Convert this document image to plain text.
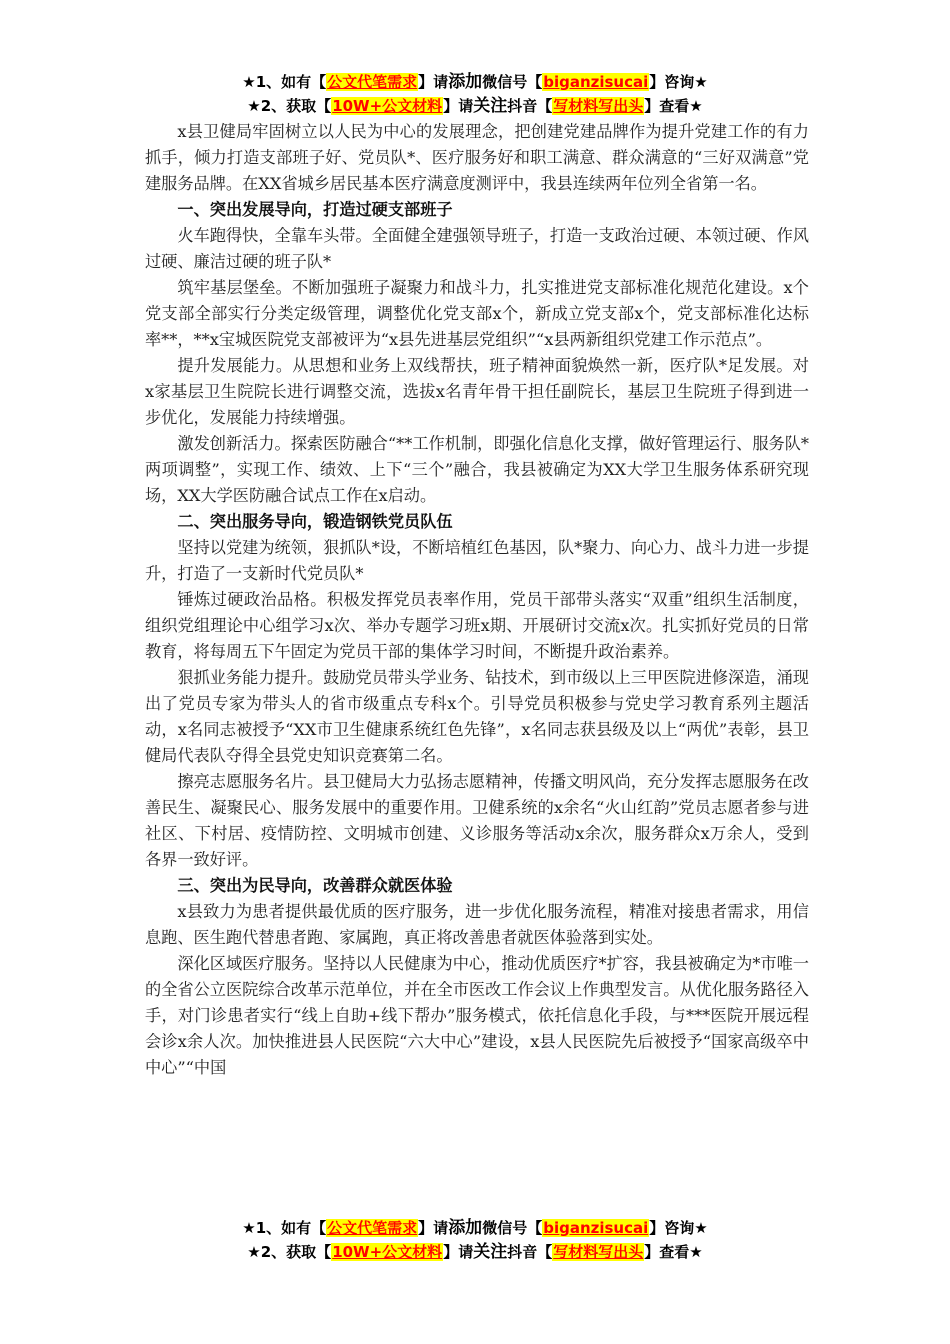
★1、如有【公文代笔需求】请添加微信号【biganzisucai】咨询★
★2、获取【10W+公文材料】请关注抖音【写材料写出头】查看★

x县卫健局牢固树立以人民为中心的发展理念，把创建党建品牌作为提升党建工作的有力抓手，倾力打造支部班子好、党员队*、医疗服务好和职工满意、群众满意的“三好双满意”党建服务品牌。在XX省城乡居民基本医疗满意度测评中，我县连续两年位列全省第一名。

一、突出发展导向，打造过硬支部班子

火车跑得快，全靠车头带。全面健全建强领导班子，打造一支政治过硬、本领过硬、作风过硬、廉洁过硬的班子队*

筑牢基层堡垒。不断加强班子凝聚力和战斗力，扎实推进党支部标准化规范化建设。x个党支部全部实行分类定级管理，调整优化党支部x个，新成立党支部x个，党支部标准化达标率**，**x宝城医院党支部被评为“x县先进基层党组织”“x县两新组织党建工作示范点”。

提升发展能力。从思想和业务上双线帮扶，班子精神面貌焕然一新，医疗队*足发展。对x家基层卫生院院长进行调整交流，选拔x名青年骨干担任副院长，基层卫生院班子得到进一步优化，发展能力持续增强。

激发创新活力。探索医防融合“**工作机制，即强化信息化支撑，做好管理运行、服务队*两项调整”，实现工作、绩效、上下“三个”融合，我县被确定为XX大学卫生服务体系研究现场，XX大学医防融合试点工作在x启动。

二、突出服务导向，锻造钢铁党员队伍

坚持以党建为统领，狠抓队*设，不断培植红色基因，队*聚力、向心力、战斗力进一步提升，打造了一支新时代党员队*

锤炼过硬政治品格。积极发挥党员表率作用，党员干部带头落实“双重”组织生活制度，组织党组理论中心组学习x次、举办专题学习班x期、开展研讨交流x次。扎实抓好党员的日常教育，将每周五下午固定为党员干部的集体学习时间，不断提升政治素养。

狠抓业务能力提升。鼓励党员带头学业务、钻技术，到市级以上三甲医院进修深造，涌现出了党员专家为带头人的省市级重点专科x个。引导党员积极参与党史学习教育系列主题活动，x名同志被授予“XX市卫生健康系统红色先锋”，x名同志获县级及以上“两优”表彰，县卫健局代表队夺得全县党史知识竞赛第二名。

擦亮志愿服务名片。县卫健局大力弘扬志愿精神，传播文明风尚，充分发挥志愿服务在改善民生、凝聚民心、服务发展中的重要作用。卫健系统的x余名“火山红韵”党员志愿者参与进社区、下村居、疫情防控、文明城市创建、义诊服务等活动x余次，服务群众x万余人，受到各界一致好评。

三、突出为民导向，改善群众就医体验

x县致力为患者提供最优质的医疗服务，进一步优化服务流程，精准对接患者需求，用信息跑、医生跑代替患者跑、家属跑，真正将改善患者就医体验落到实处。

深化区域医疗服务。坚持以人民健康为中心，推动优质医疗*扩容，我县被确定为*市唯一的全省公立医院综合改革示范单位，并在全市医改工作会议上作典型发言。从优化服务路径入手，对门诊患者实行“线上自助+线下帮办”服务模式，依托信息化手段，与***医院开展远程会诊x余人次。加快推进县人民医院“六大中心”建设，x县人民医院先后被授予“国家高级卒中中心”“中国

★1、如有【公文代笔需求】请添加微信号【biganzisucai】咨询★
★2、获取【10W+公文材料】请关注抖音【写材料写出头】查看★
